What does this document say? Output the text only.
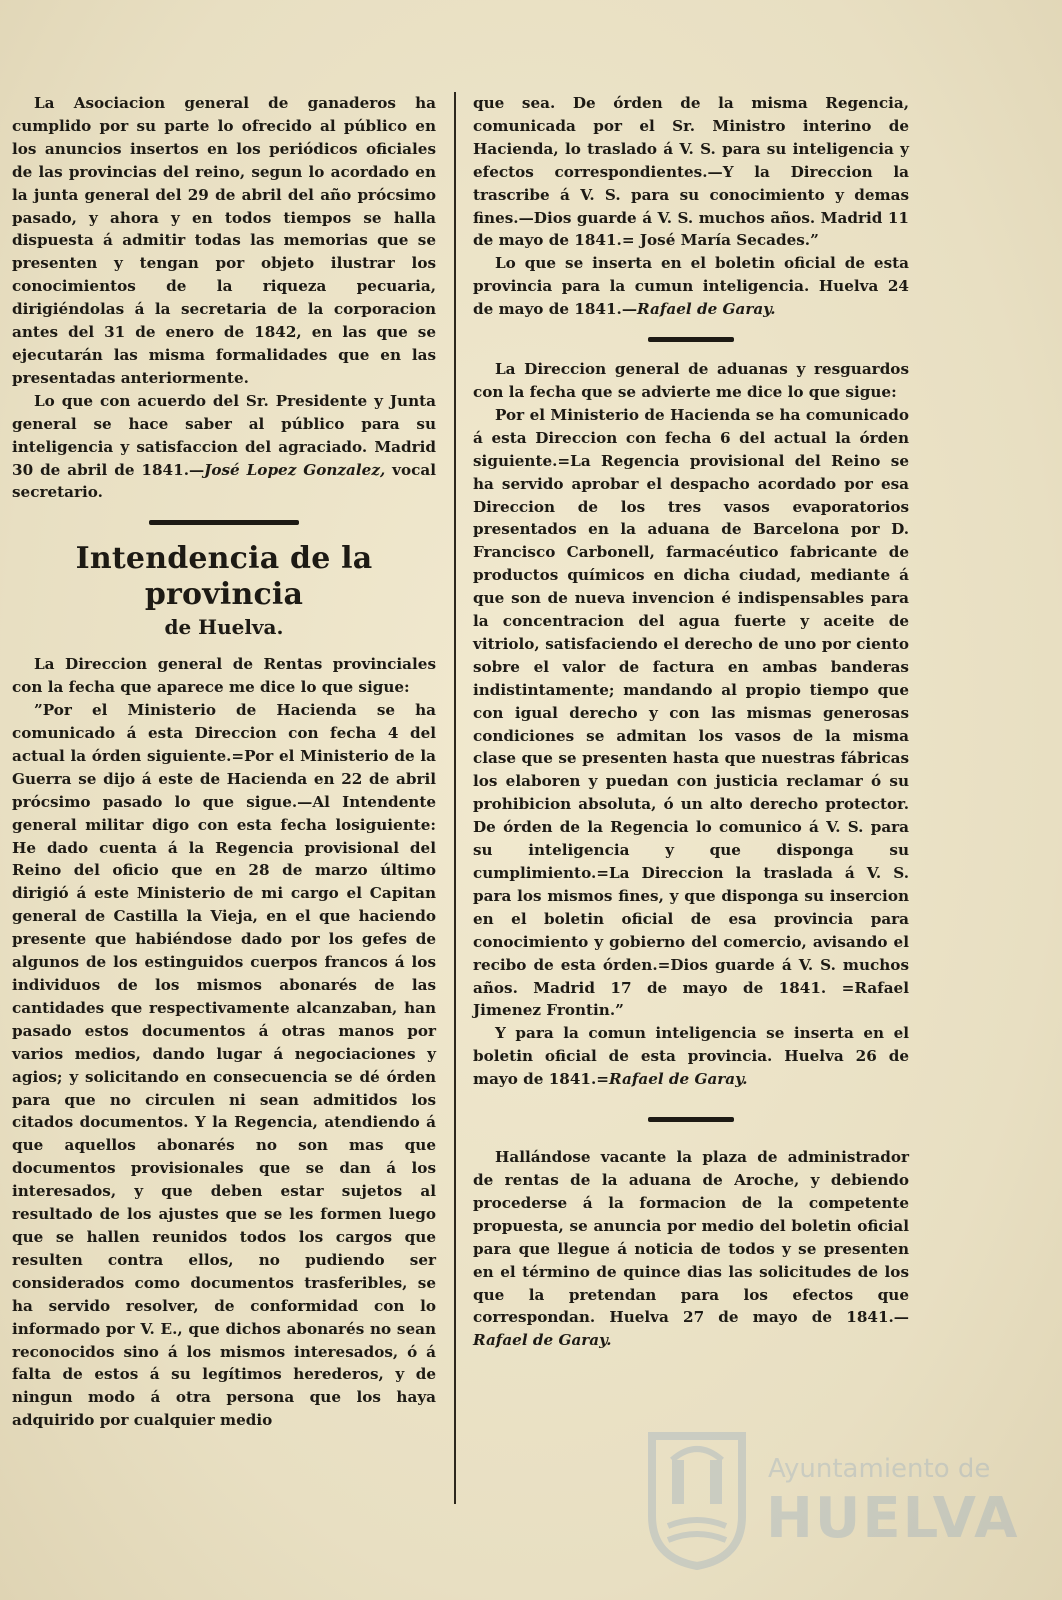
La Asociacion general de ganaderos ha cumplido por su parte lo ofrecido al público en los anuncios insertos en los periódicos oficiales de las provincias del reino, segun lo acordado en la junta general del 29 de abril del año prócsimo pasado, y ahora y en todos tiempos se halla dispuesta á admitir todas las memorias que se presenten y tengan por objeto ilustrar los conocimientos de la riqueza pecuaria, dirigiéndolas á la secretaria de la corporacion antes del 31 de enero de 1842, en las que se ejecutarán las misma formalidades que en las presentadas anteriormente.

Lo que con acuerdo del Sr. Presidente y Junta general se hace saber al público para su inteligencia y satisfaccion del agraciado. Madrid 30 de abril de 1841.—José Lopez Gonzalez, vocal secretario.

Intendencia de la provincia
de Huelva.

La Direccion general de Rentas provinciales con la fecha que aparece me dice lo que sigue:

”Por el Ministerio de Hacienda se ha comunicado á esta Direccion con fecha 4 del actual la órden siguiente.=Por el Ministerio de la Guerra se dijo á este de Hacienda en 22 de abril prócsimo pasado lo que sigue.—Al Intendente general militar digo con esta fecha losiguiente: He dado cuenta á la Regencia provisional del Reino del oficio que en 28 de marzo último dirigió á este Ministerio de mi cargo el Capitan general de Castilla la Vieja, en el que haciendo presente que habiéndose dado por los gefes de algunos de los estinguidos cuerpos francos á los individuos de los mismos abonarés de las cantidades que respectivamente alcanzaban, han pasado estos documentos á otras manos por varios medios, dando lugar á negociaciones y agios; y solicitando en consecuencia se dé órden para que no circulen ni sean admitidos los citados documentos. Y la Regencia, atendiendo á que aquellos abonarés no son mas que documentos provisionales que se dan á los interesados, y que deben estar sujetos al resultado de los ajustes que se les formen luego que se hallen reunidos todos los cargos que resulten contra ellos, no pudiendo ser considerados como documentos trasferibles, se ha servido resolver, de conformidad con lo informado por V. E., que dichos abonarés no sean reconocidos sino á los mismos interesados, ó á falta de estos á su legítimos herederos, y de ningun modo á otra persona que los haya adquirido por cualquier medio

que sea. De órden de la misma Regencia, comunicada por el Sr. Ministro interino de Hacienda, lo traslado á V. S. para su inteligencia y efectos correspondientes.—Y la Direccion la trascribe á V. S. para su conocimiento y demas fines.—Dios guarde á V. S. muchos años. Madrid 11 de mayo de 1841.= José María Secades.”

Lo que se inserta en el boletin oficial de esta provincia para la cumun inteligencia. Huelva 24 de mayo de 1841.—Rafael de Garay.

La Direccion general de aduanas y resguardos con la fecha que se advierte me dice lo que sigue:

Por el Ministerio de Hacienda se ha comunicado á esta Direccion con fecha 6 del actual la órden siguiente.=La Regencia provisional del Reino se ha servido aprobar el despacho acordado por esa Direccion de los tres vasos evaporatorios presentados en la aduana de Barcelona por D. Francisco Carbonell, farmacéutico fabricante de productos químicos en dicha ciudad, mediante á que son de nueva invencion é indispensables para la concentracion del agua fuerte y aceite de vitriolo, satisfaciendo el derecho de uno por ciento sobre el valor de factura en ambas banderas indistintamente; mandando al propio tiempo que con igual derecho y con las mismas generosas condiciones se admitan los vasos de la misma clase que se presenten hasta que nuestras fábricas los elaboren y puedan con justicia reclamar ó su prohibicion absoluta, ó un alto derecho protector. De órden de la Regencia lo comunico á V. S. para su inteligencia y que disponga su cumplimiento.=La Direccion la traslada á V. S. para los mismos fines, y que disponga su insercion en el boletin oficial de esa provincia para conocimiento y gobierno del comercio, avisando el recibo de esta órden.=Dios guarde á V. S. muchos años. Madrid 17 de mayo de 1841. =Rafael Jimenez Frontin.”

Y para la comun inteligencia se inserta en el boletin oficial de esta provincia. Huelva 26 de mayo de 1841.=Rafael de Garay.

Hallándose vacante la plaza de administrador de rentas de la aduana de Aroche, y debiendo procederse á la formacion de la competente propuesta, se anuncia por medio del boletin oficial para que llegue á noticia de todos y se presenten en el término de quince dias las solicitudes de los que la pretendan para los efectos que correspondan. Huelva 27 de mayo de 1841.—Rafael de Garay.

Ayuntamiento de
HUELVA
